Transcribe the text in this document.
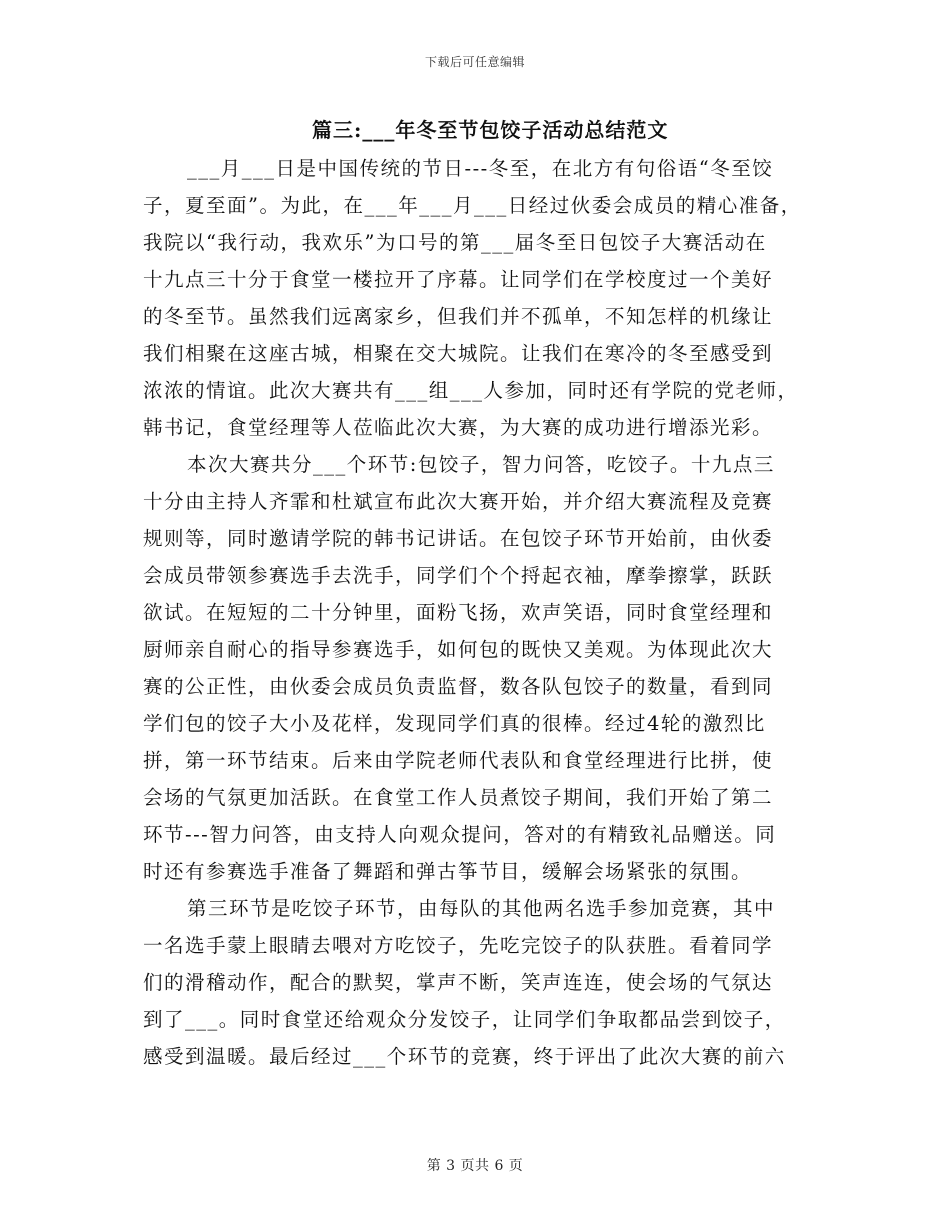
下载后可任意编辑
篇三:___年冬至节包饺子活动总结范文
___月___日是中国传统的节日---冬至，在北方有句俗语“冬至饺
子，夏至面”。为此，在___年___月___日经过伙委会成员的精心准备，
我院以“我行动，我欢乐”为口号的第___届冬至日包饺子大赛活动在
十九点三十分于食堂一楼拉开了序幕。让同学们在学校度过一个美好
的冬至节。虽然我们远离家乡，但我们并不孤单，不知怎样的机缘让
我们相聚在这座古城，相聚在交大城院。让我们在寒冷的冬至感受到
浓浓的情谊。此次大赛共有___组___人参加，同时还有学院的党老师，
韩书记，食堂经理等人莅临此次大赛，为大赛的成功进行增添光彩。
本次大赛共分___个环节:包饺子，智力问答，吃饺子。十九点三
十分由主持人齐霏和杜斌宣布此次大赛开始，并介绍大赛流程及竞赛
规则等，同时邀请学院的韩书记讲话。在包饺子环节开始前，由伙委
会成员带领参赛选手去洗手，同学们个个捋起衣袖，摩拳擦掌，跃跃
欲试。在短短的二十分钟里，面粉飞扬，欢声笑语，同时食堂经理和
厨师亲自耐心的指导参赛选手，如何包的既快又美观。为体现此次大
赛的公正性，由伙委会成员负责监督，数各队包饺子的数量，看到同
学们包的饺子大小及花样，发现同学们真的很棒。经过4轮的激烈比
拼，第一环节结束。后来由学院老师代表队和食堂经理进行比拼，使
会场的气氛更加活跃。在食堂工作人员煮饺子期间，我们开始了第二
环节---智力问答，由支持人向观众提问，答对的有精致礼品赠送。同
时还有参赛选手准备了舞蹈和弹古筝节目，缓解会场紧张的氛围。
第三环节是吃饺子环节，由每队的其他两名选手参加竞赛，其中
一名选手蒙上眼睛去喂对方吃饺子，先吃完饺子的队获胜。看着同学
们的滑稽动作，配合的默契，掌声不断，笑声连连，使会场的气氛达
到了___。同时食堂还给观众分发饺子，让同学们争取都品尝到饺子，
感受到温暖。最后经过___个环节的竞赛，终于评出了此次大赛的前六
第 3 页共 6 页
